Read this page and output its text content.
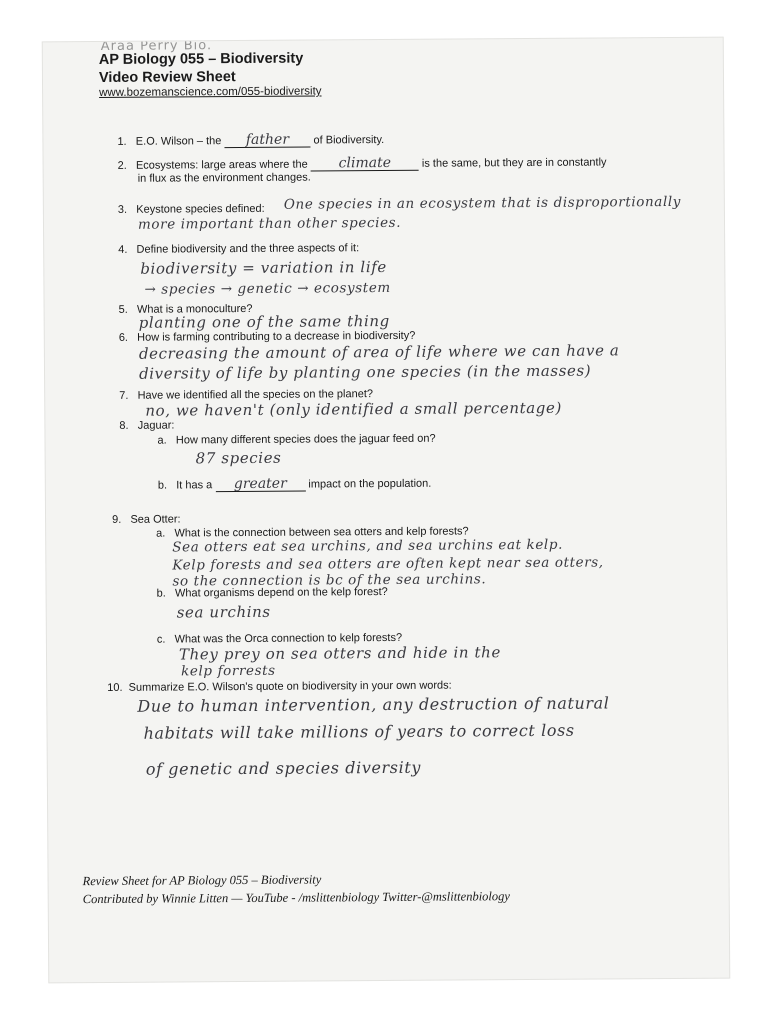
Araa Perry Bio.
AP Biology 055 – Biodiversity
Video Review Sheet
www.bozemanscience.com/055-biodiversity
1. E.O. Wilson – the father of Biodiversity.
2. Ecosystems: large areas where the climate	is the same, but they are in constantly
in flux as the environment changes.
3. Keystone species defined: One species in an ecosystem that is disproportionally
more important than other species.
4. Define biodiversity and the three aspects of it:
biodiversity = variation in life
→ species → genetic → ecosystem
5. What is a monoculture?
planting one of the same thing
6. How is farming contributing to a decrease in biodiversity?
decreasing the amount of area of life where we can have a
diversity of life by planting one species (in the masses)
7. Have we identified all the species on the planet?
no, we haven't (only identified a small percentage)
8. Jaguar:
a. How many different species does the jaguar feed on?
87 species
b. It has a greater impact on the population.
9. Sea Otter:
a. What is the connection between sea otters and kelp forests?
Sea otters eat sea urchins, and sea urchins eat kelp.
Kelp forests and sea otters are often kept near sea otters,
so the connection is bc of the sea urchins.
b. What organisms depend on the kelp forest?
sea urchins
c. What was the Orca connection to kelp forests?
They prey on sea otters and hide in the
kelp forrests
10. Summarize E.O. Wilson's quote on biodiversity in your own words:
Due to human intervention, any destruction of natural
habitats will take millions of years to correct loss
of genetic and species diversity
Review Sheet for AP Biology 055 – Biodiversity
Contributed by Winnie Litten — YouTube - /mslittenbiology Twitter-@mslittenbiology
